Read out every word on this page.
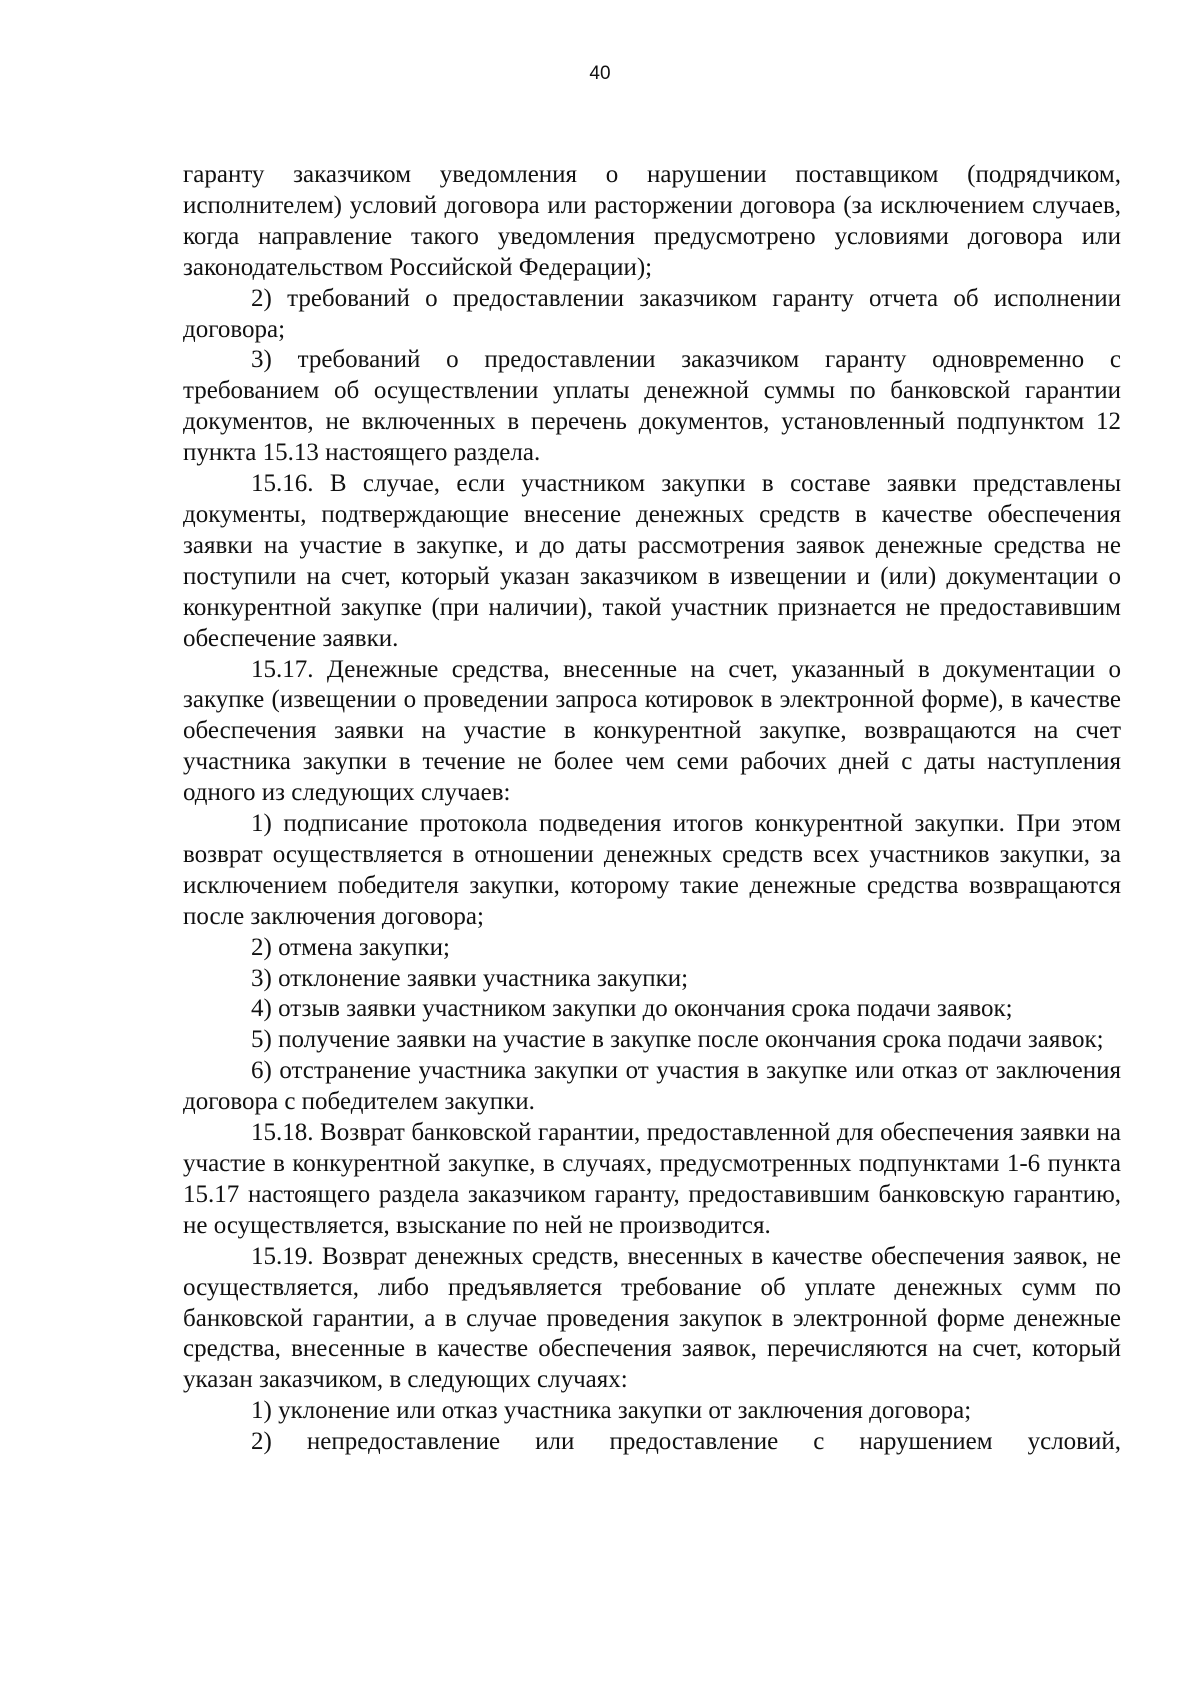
40

гаранту заказчиком уведомления о нарушении поставщиком (подрядчиком, исполнителем) условий договора или расторжении договора (за исключением случаев, когда направление такого уведомления предусмотрено условиями договора или законодательством Российской Федерации);

2) требований о предоставлении заказчиком гаранту отчета об исполнении договора;

3) требований о предоставлении заказчиком гаранту одновременно с требованием об осуществлении уплаты денежной суммы по банковской гарантии документов, не включенных в перечень документов, установленный подпунктом 12 пункта 15.13 настоящего раздела.

15.16. В случае, если участником закупки в составе заявки представлены документы, подтверждающие внесение денежных средств в качестве обеспечения заявки на участие в закупке, и до даты рассмотрения заявок денежные средства не поступили на счет, который указан заказчиком в извещении и (или) документации о конкурентной закупке (при наличии), такой участник признается не предоставившим обеспечение заявки.

15.17. Денежные средства, внесенные на счет, указанный в документации о закупке (извещении о проведении запроса котировок в электронной форме), в качестве обеспечения заявки на участие в конкурентной закупке, возвращаются на счет участника закупки в течение не более чем семи рабочих дней с даты наступления одного из следующих случаев:

1) подписание протокола подведения итогов конкурентной закупки. При этом возврат осуществляется в отношении денежных средств всех участников закупки, за исключением победителя закупки, которому такие денежные средства возвращаются после заключения договора;

2) отмена закупки;

3) отклонение заявки участника закупки;

4) отзыв заявки участником закупки до окончания срока подачи заявок;

5) получение заявки на участие в закупке после окончания срока подачи заявок;

6) отстранение участника закупки от участия в закупке или отказ от заключения договора с победителем закупки.

15.18. Возврат банковской гарантии, предоставленной для обеспечения заявки на участие в конкурентной закупке, в случаях, предусмотренных подпунктами 1-6 пункта 15.17 настоящего раздела заказчиком гаранту, предоставившим банковскую гарантию, не осуществляется, взыскание по ней не производится.

15.19. Возврат денежных средств, внесенных в качестве обеспечения заявок, не осуществляется, либо предъявляется требование об уплате денежных сумм по банковской гарантии, а в случае проведения закупок в электронной форме денежные средства, внесенные в качестве обеспечения заявок, перечисляются на счет, который указан заказчиком, в следующих случаях:

1) уклонение или отказ участника закупки от заключения договора;

2) непредоставление или предоставление с нарушением условий,
